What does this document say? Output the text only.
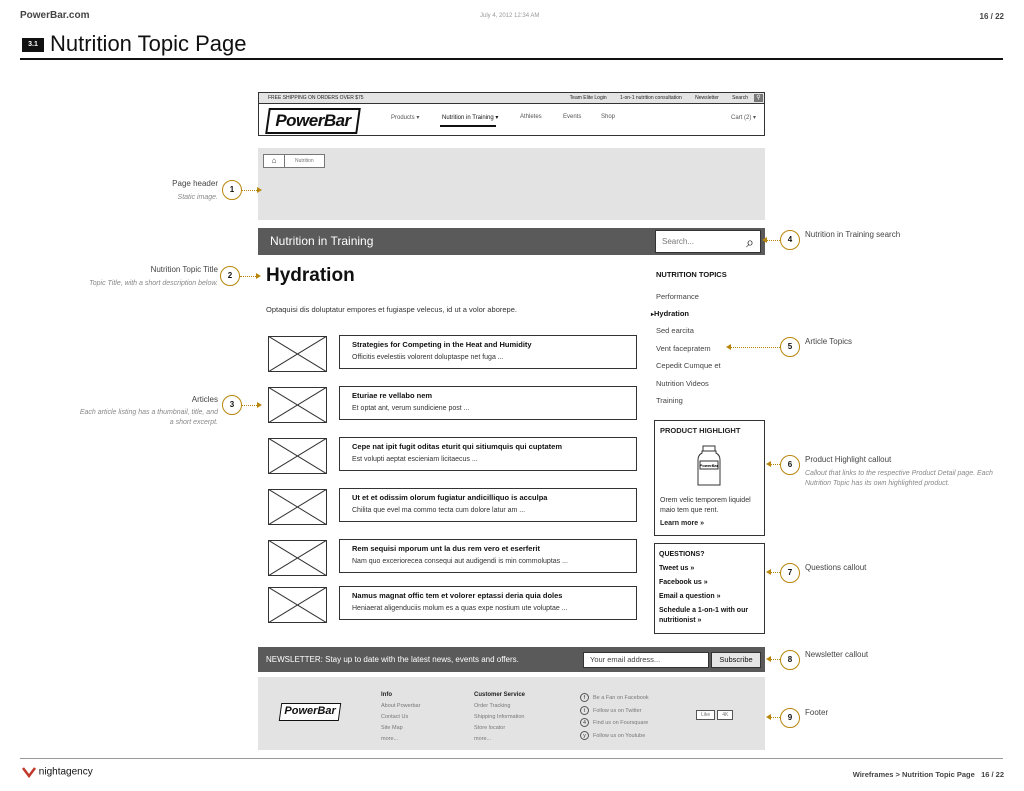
PowerBar.com	July 4, 2012 12:34 AM	16 / 22
3.1 Nutrition Topic Page
FREE SHIPPING ON ORDERS OVER $75	Team Elite Login	1-on-1 nutrition consultation	Newsletter	Search	⚲
PowerBar	Products ▾	Nutrition in Training ▾	Athletes	Events	Shop	Cart (2) ▾
⌂	Nutrition
Nutrition in Training	Search...	⌕
Hydration
Optaquisi dis doluptatur empores et fugiaspe velecus, id ut a volor aborepe.
Strategies for Competing in the Heat and Humidity
Officitis evelestiis volorent doluptaspe net fuga ...
Eturiae re vellabo nem
Et optat ant, verum sundiciene post ...
Cepe nat ipit fugit oditas eturit qui sitiumquis qui cuptatem
Est volupti aeptat escieniam licitaecus ...
Ut et et odissim olorum fugiatur andicilliquo is acculpa
Chilita que evel ma commo tecta cum dolore latur am ...
Rem sequisi mporum unt la dus rem vero et eserferit
Nam quo exceriorecea consequi aut audigendi is min commoluptas ...
Namus magnat offic tem et volorer eptassi deria quia doles
Heniaerat aligenduciis molum es a quas expe nostium ute voluptae ...
NUTRITION TOPICS
Performance
▸Hydration
Sed earcita
Vent facepratem
Cepedit Cumque et
Nutrition Videos
Training
PRODUCT HIGHLIGHT
PowerBar
Orem velic temporem liquidel maio tem que rent.
Learn more »
QUESTIONS?
Tweet us »
Facebook us »
Email a question »
Schedule a 1-on-1 with our nutritionist »
NEWSLETTER: Stay up to date with the latest news, events and offers.	Your email address...	Subscribe
PowerBar
Info
About Powerbar
Contact Us
Site Map
more...
Customer Service
Order Tracking
Shipping Information
Store locator
more...
f Be a Fan on Facebook
t Follow us on Twitter
4 Find us on Foursquare
y Follow us on Youtube
Like	4K
Page header
Static image.
1
Nutrition Topic Title
Topic Title, with a short description below.
2
Articles
Each article listing has a thumbnail, title, and a short excerpt.
3
4
Nutrition in Training search
5
Article Topics
6
Product Highlight callout
Callout that links to the respective Product Detail page. Each Nutrition Topic has its own highlighted product.
7
Questions callout
8
Newsletter callout
9
Footer
nightagency	Wireframes > Nutrition Topic Page 16 / 22
